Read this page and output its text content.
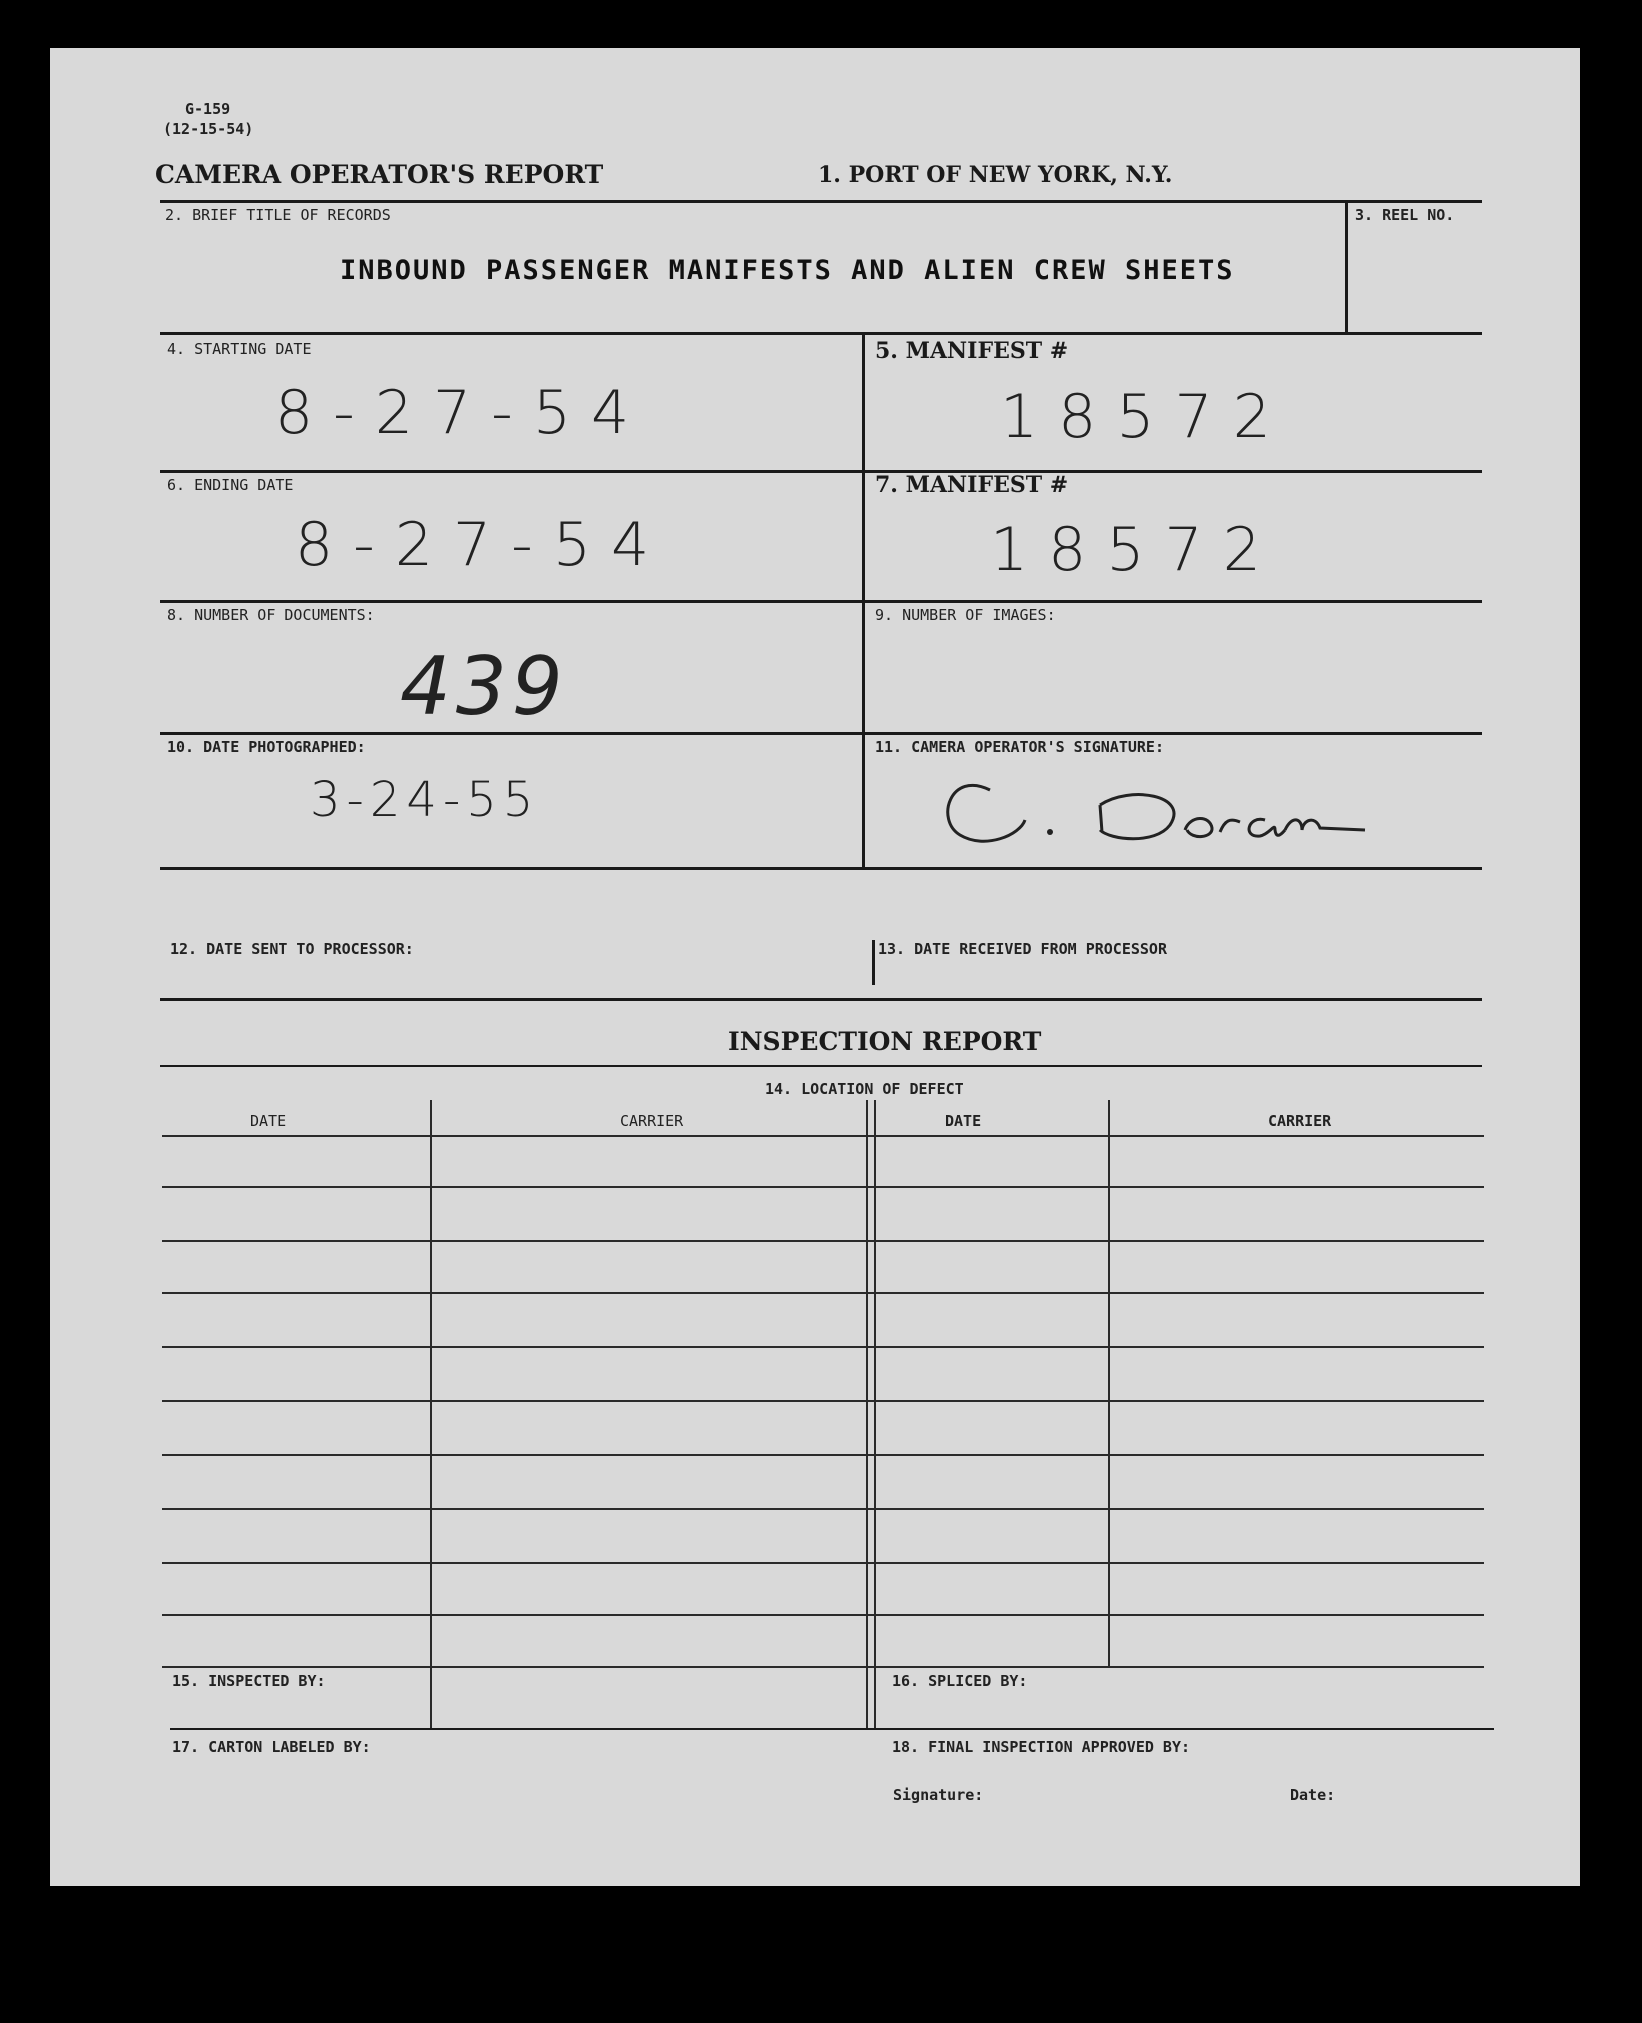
G-159
(12-15-54)
CAMERA OPERATOR'S REPORT	1. PORT OF NEW YORK, N.Y.
2. BRIEF TITLE OF RECORDS
INBOUND PASSENGER MANIFESTS AND ALIEN CREW SHEETS
3. REEL NO.
4. STARTING DATE
8-27-54
5. MANIFEST #
18572
6. ENDING DATE
8-27-54
7. MANIFEST #
18572
8. NUMBER OF DOCUMENTS:
439
9. NUMBER OF IMAGES:
10. DATE PHOTOGRAPHED:
3-24-55
11. CAMERA OPERATOR'S SIGNATURE:
12. DATE SENT TO PROCESSOR:	13. DATE RECEIVED FROM PROCESSOR
INSPECTION REPORT
14. LOCATION OF DEFECT
DATE	CARRIER	DATE	CARRIER
15. INSPECTED BY:	16. SPLICED BY:
17. CARTON LABELED BY:	18. FINAL INSPECTION APPROVED BY:
Signature:	Date:
